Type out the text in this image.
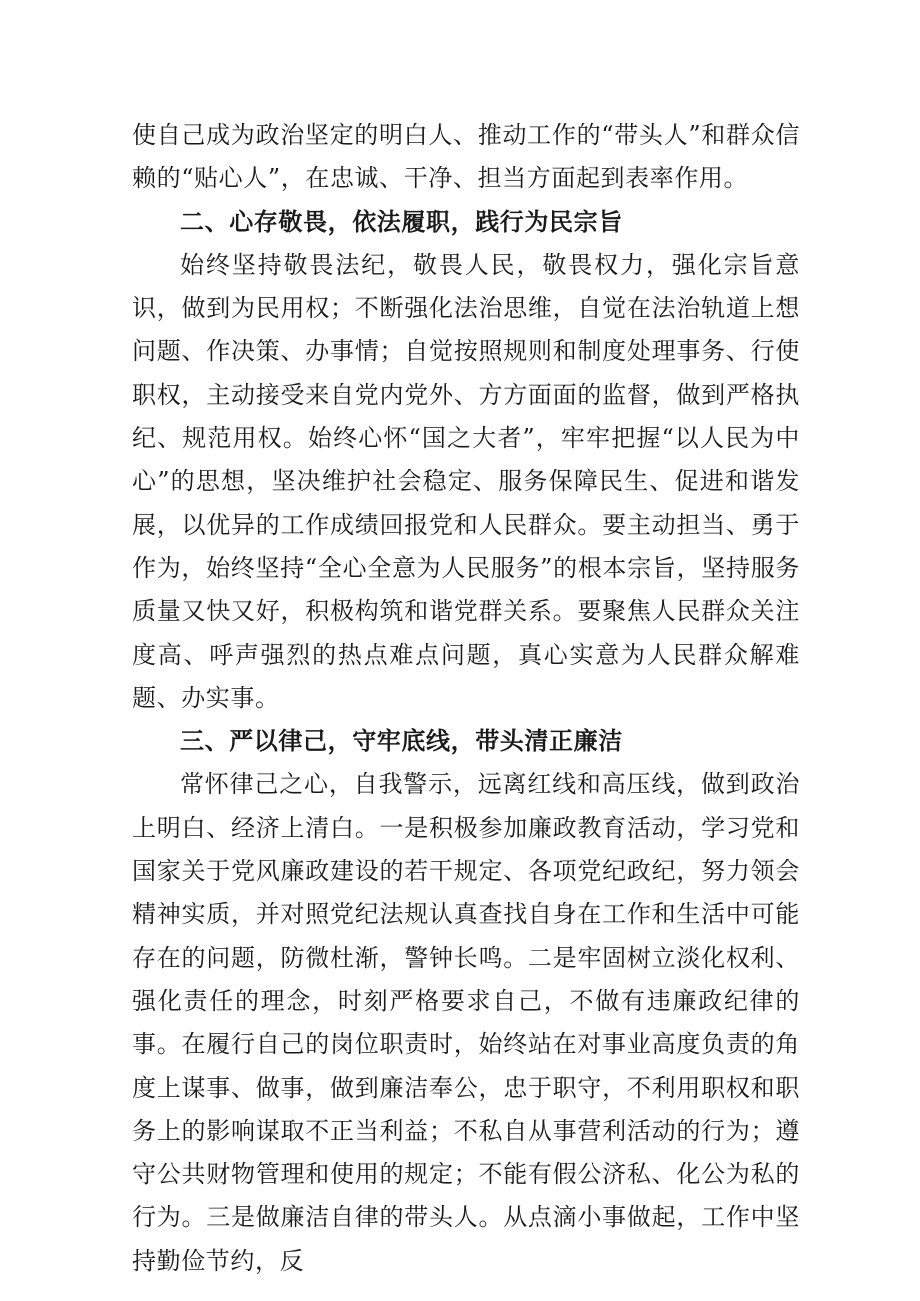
使自己成为政治坚定的明白人、推动工作的“带头人”和群众信赖的“贴心人”，在忠诚、干净、担当方面起到表率作用。

二、心存敬畏，依法履职，践行为民宗旨

始终坚持敬畏法纪，敬畏人民，敬畏权力，强化宗旨意识，做到为民用权；不断强化法治思维，自觉在法治轨道上想问题、作决策、办事情；自觉按照规则和制度处理事务、行使职权，主动接受来自党内党外、方方面面的监督，做到严格执纪、规范用权。始终心怀“国之大者”，牢牢把握“以人民为中心”的思想，坚决维护社会稳定、服务保障民生、促进和谐发展，以优异的工作成绩回报党和人民群众。要主动担当、勇于作为，始终坚持“全心全意为人民服务”的根本宗旨，坚持服务质量又快又好，积极构筑和谐党群关系。要聚焦人民群众关注度高、呼声强烈的热点难点问题，真心实意为人民群众解难题、办实事。

三、严以律己，守牢底线，带头清正廉洁

常怀律己之心，自我警示，远离红线和高压线，做到政治上明白、经济上清白。一是积极参加廉政教育活动，学习党和国家关于党风廉政建设的若干规定、各项党纪政纪，努力领会精神实质，并对照党纪法规认真查找自身在工作和生活中可能存在的问题，防微杜渐，警钟长鸣。二是牢固树立淡化权利、强化责任的理念，时刻严格要求自己，不做有违廉政纪律的事。在履行自己的岗位职责时，始终站在对事业高度负责的角度上谋事、做事，做到廉洁奉公，忠于职守，不利用职权和职务上的影响谋取不正当利益；不私自从事营利活动的行为；遵守公共财物管理和使用的规定；不能有假公济私、化公为私的行为。三是做廉洁自律的带头人。从点滴小事做起，工作中坚持勤俭节约，反
